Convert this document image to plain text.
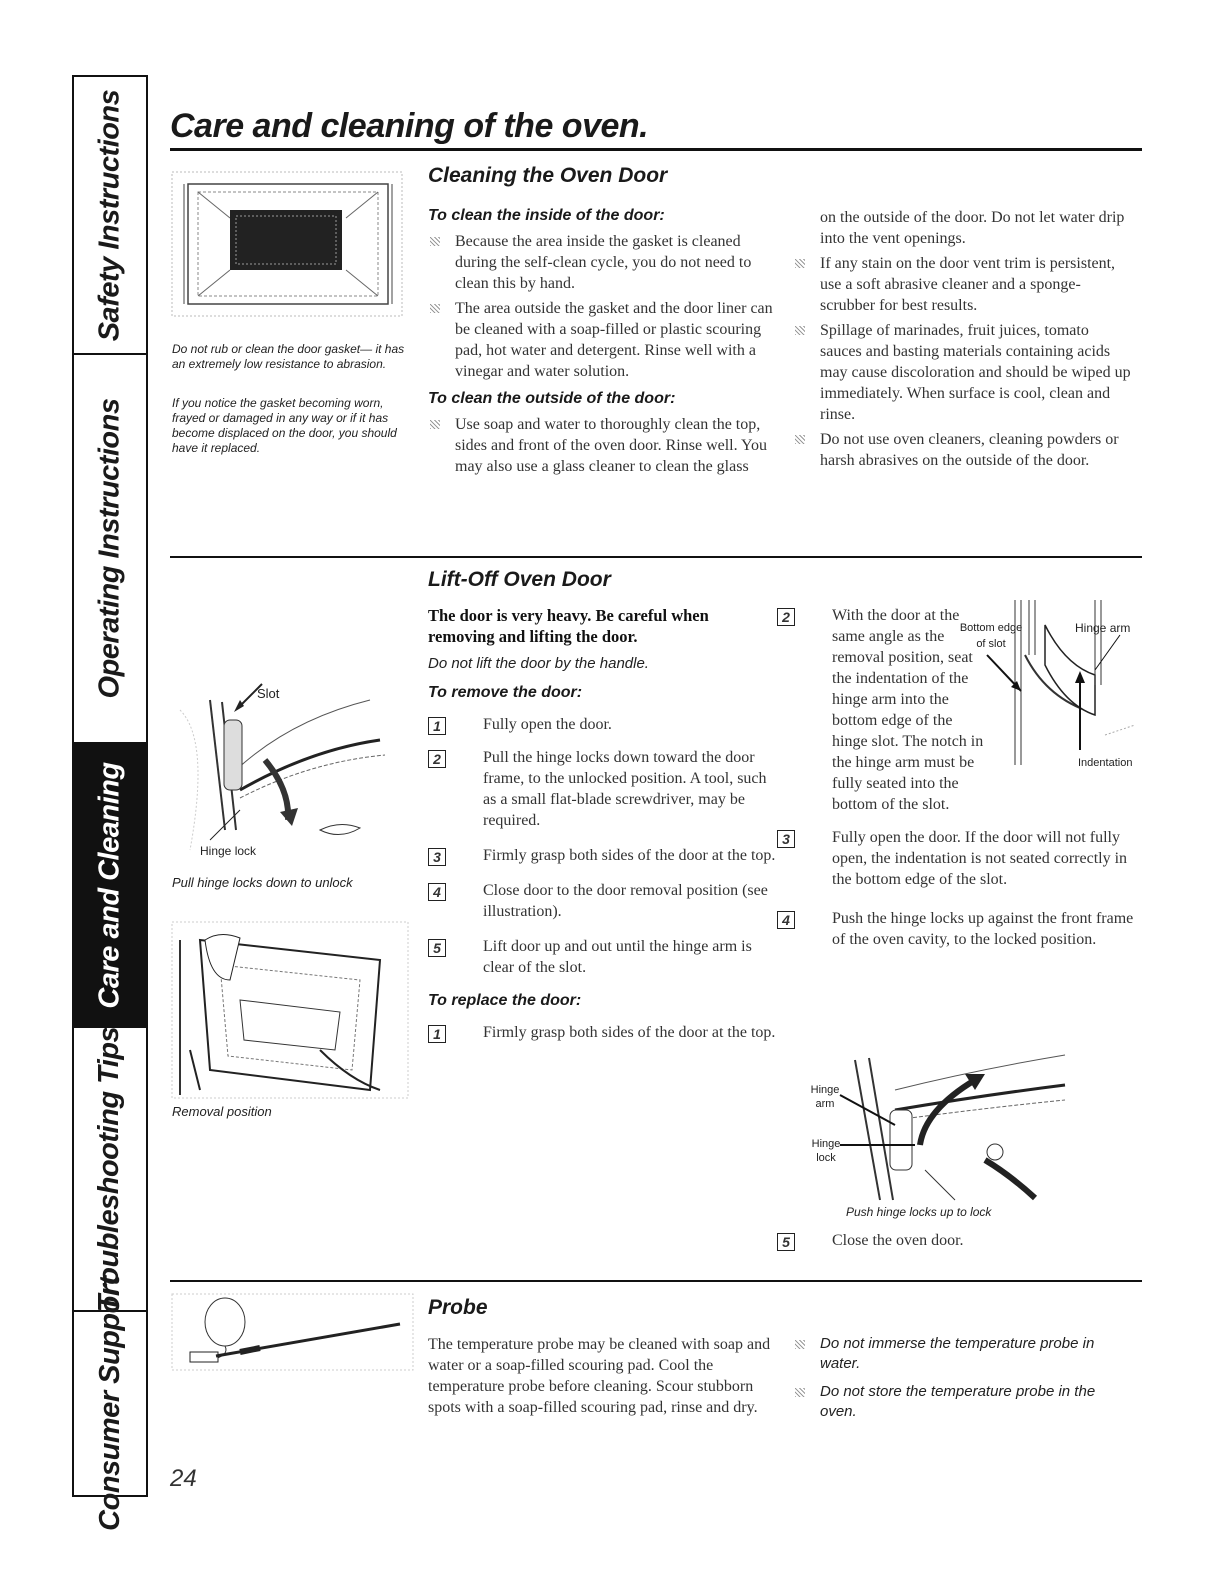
Safety Instructions
Operating Instructions
Care and Cleaning
Troubleshooting Tips
Consumer Support
Care and cleaning of the oven.
Do not rub or clean the door gasket— it has an extremely low resistance to abrasion.
If you notice the gasket becoming worn, frayed or damaged in any way or if it has become displaced on the door, you should have it replaced.
Cleaning the Oven Door
To clean the inside of the door:

Because the area inside the gasket is cleaned during the self-clean cycle, you do not need to clean this by hand.

The area outside the gasket and the door liner can be cleaned with a soap-filled or plastic scouring pad, hot water and detergent. Rinse well with a vinegar and water solution.

To clean the outside of the door:

Use soap and water to thoroughly clean the top, sides and front of the oven door. Rinse well. You may also use a glass cleaner to clean the glass

on the outside of the door. Do not let water drip into the vent openings.

If any stain on the door vent trim is persistent, use a soft abrasive cleaner and a sponge-scrubber for best results.

Spillage of marinades, fruit juices, tomato sauces and basting materials containing acids may cause discoloration and should be wiped up immediately. When surface is cool, clean and rinse.

Do not use oven cleaners, cleaning powders or harsh abrasives on the outside of the door.

Lift-Off Oven Door
Slot
Hinge lock
Pull hinge locks down to unlock
Removal position
The door is very heavy. Be careful when removing and lifting the door.
Do not lift the door by the handle.
To remove the door:
1	Fully open the door.
2	Pull the hinge locks down toward the door frame, to the unlocked position. A tool, such as a small flat-blade screwdriver, may be required.
3	Firmly grasp both sides of the door at the top.
4	Close door to the door removal position (see illustration).
5	Lift door up and out until the hinge arm is clear of the slot.
To replace the door:
1	Firmly grasp both sides of the door at the top.
2	With the door at the same angle as the removal position, seat the indentation of the hinge arm into the bottom edge of the hinge slot. The notch in the hinge arm must be fully seated into the bottom of the slot.
3	Fully open the door. If the door will not fully open, the indentation is not seated correctly in the bottom edge of the slot.
4	Push the hinge locks up against the front frame of the oven cavity, to the locked position.
Bottom edge of slot
Hinge arm
Indentation
Hinge arm
Hinge lock
Push hinge locks up to lock
5	Close the oven door.
Probe
The temperature probe may be cleaned with soap and water or a soap-filled scouring pad. Cool the temperature probe before cleaning. Scour stubborn spots with a soap-filled scouring pad, rinse and dry.

Do not immerse the temperature probe in water.

Do not store the temperature probe in the oven.

24
